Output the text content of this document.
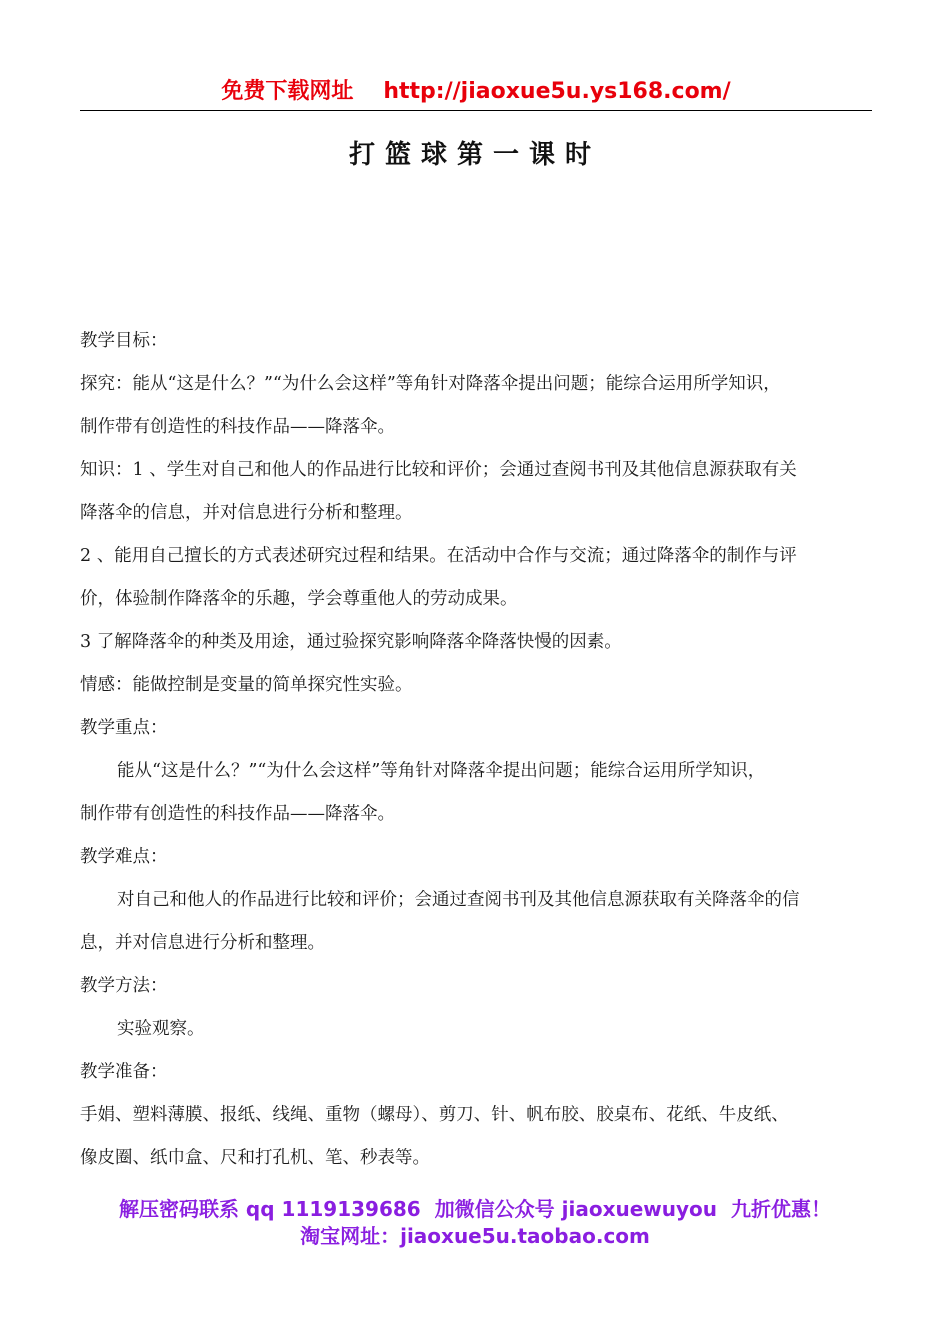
免费下载网址 http://jiaoxue5u.ys168.com/
打篮球第一课时

教学目标：

探究：能从“这是什么？”“为什么会这样”等角针对降落伞提出问题；能综合运用所学知识，

制作带有创造性的科技作品——降落伞。

知识：1 、学生对自己和他人的作品进行比较和评价；会通过查阅书刊及其他信息源获取有关

降落伞的信息，并对信息进行分析和整理。

2 、能用自己擅长的方式表述研究过程和结果。在活动中合作与交流；通过降落伞的制作与评

价，体验制作降落伞的乐趣，学会尊重他人的劳动成果。

3 了解降落伞的种类及用途，通过验探究影响降落伞降落快慢的因素。

情感：能做控制是变量的简单探究性实验。

教学重点：

能从“这是什么？”“为什么会这样”等角针对降落伞提出问题；能综合运用所学知识，

制作带有创造性的科技作品——降落伞。

教学难点：

对自己和他人的作品进行比较和评价；会通过查阅书刊及其他信息源获取有关降落伞的信

息，并对信息进行分析和整理。

教学方法：

实验观察。

教学准备：

手娟、塑料薄膜、报纸、线绳、重物（螺母）、剪刀、针、帆布胶、胶桌布、花纸、牛皮纸、

像皮圈、纸巾盒、尺和打孔机、笔、秒表等。

解压密码联系 qq 1119139686 加微信公众号 jiaoxuewuyou 九折优惠！

淘宝网址：jiaoxue5u.taobao.com
